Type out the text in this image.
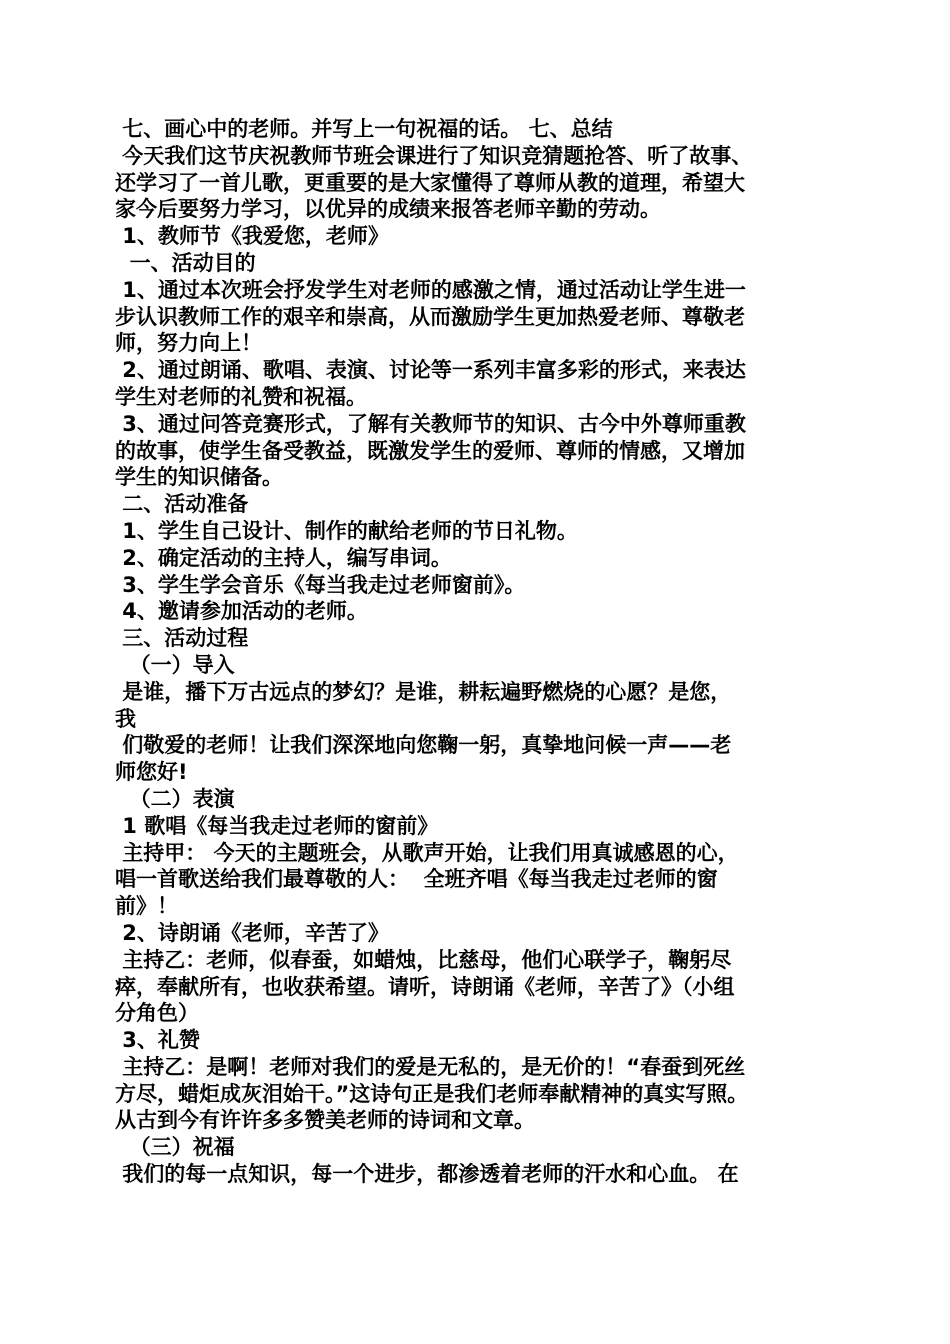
七、画心中的老师。并写上一句祝福的话。 七、总结
今天我们这节庆祝教师节班会课进行了知识竞猜题抢答、听了故事、
还学习了一首儿歌，更重要的是大家懂得了尊师从教的道理，希望大
家今后要努力学习，以优异的成绩来报答老师辛勤的劳动。
1、教师节《我爱您，老师》
一、活动目的
1、通过本次班会抒发学生对老师的感激之情，通过活动让学生进一
步认识教师工作的艰辛和崇高，从而激励学生更加热爱老师、尊敬老
师，努力向上！
2、通过朗诵、歌唱、表演、讨论等一系列丰富多彩的形式，来表达
学生对老师的礼赞和祝福。
3、通过问答竞赛形式，了解有关教师节的知识、古今中外尊师重教
的故事，使学生备受教益，既激发学生的爱师、尊师的情感，又增加
学生的知识储备。
二、活动准备
1、学生自己设计、制作的献给老师的节日礼物。
2、确定活动的主持人，编写串词。
3、学生学会音乐《每当我走过老师窗前》。
4、邀请参加活动的老师。
三、活动过程
（一）导入
是谁，播下万古远点的梦幻？是谁，耕耘遍野燃烧的心愿？是您，
我
们敬爱的老师！让我们深深地向您鞠一躬，真挚地问候一声——老
师您好!
（二）表演
1 歌唱《每当我走过老师的窗前》
主持甲： 今天的主题班会，从歌声开始，让我们用真诚感恩的心，
唱一首歌送给我们最尊敬的人：  全班齐唱《每当我走过老师的窗
前》！
2、诗朗诵《老师，辛苦了》
主持乙：老师，似春蚕，如蜡烛，比慈母，他们心联学子，鞠躬尽
瘁，奉献所有，也收获希望。请听，诗朗诵《老师，辛苦了》（小组
分角色）
3、礼赞
主持乙：是啊！老师对我们的爱是无私的，是无价的！“春蚕到死丝
方尽，蜡炬成灰泪始干。”这诗句正是我们老师奉献精神的真实写照。
从古到今有许许多多赞美老师的诗词和文章。
（三）祝福
我们的每一点知识，每一个进步，都渗透着老师的汗水和心血。 在
